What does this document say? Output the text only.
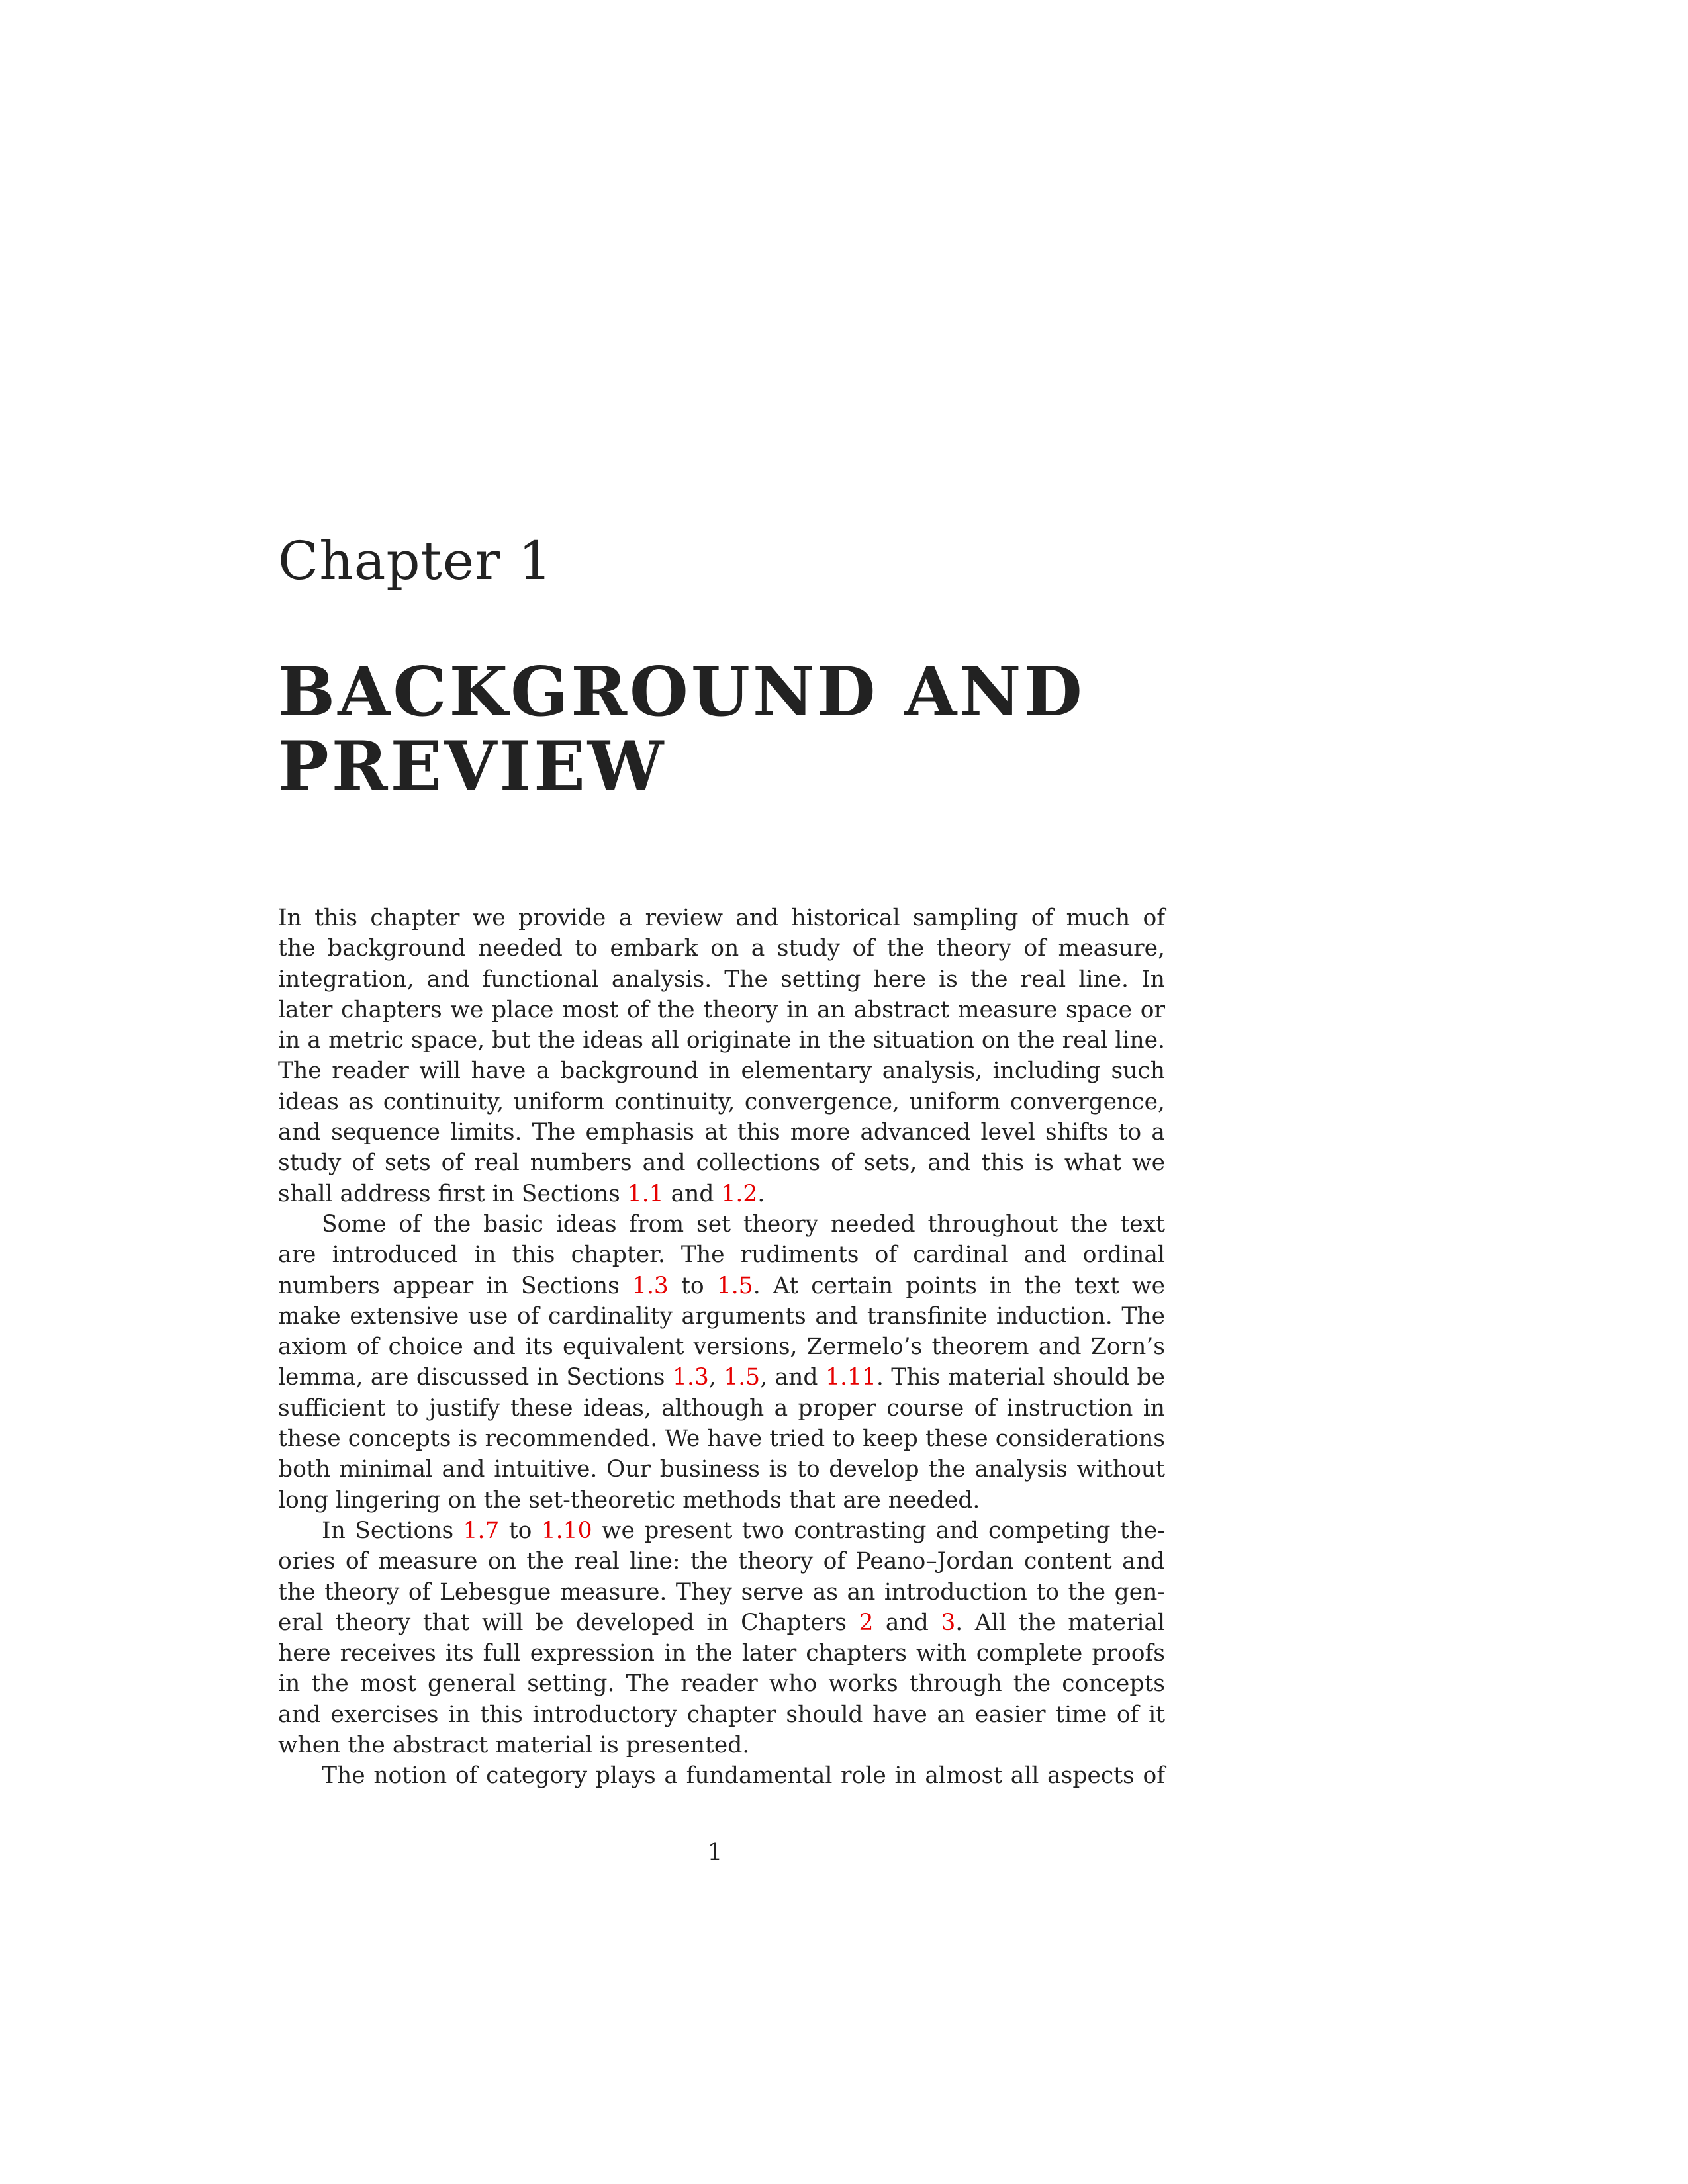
Chapter 1
BACKGROUND AND
PREVIEW
In this chapter we provide a review and historical sampling of much of
the background needed to embark on a study of the theory of measure,
integration, and functional analysis. The setting here is the real line. In
later chapters we place most of the theory in an abstract measure space or
in a metric space, but the ideas all originate in the situation on the real line.
The reader will have a background in elementary analysis, including such
ideas as continuity, uniform continuity, convergence, uniform convergence,
and sequence limits. The emphasis at this more advanced level shifts to a
study of sets of real numbers and collections of sets, and this is what we
shall address first in Sections 1.1 and 1.2.
Some of the basic ideas from set theory needed throughout the text
are introduced in this chapter. The rudiments of cardinal and ordinal
numbers appear in Sections 1.3 to 1.5. At certain points in the text we
make extensive use of cardinality arguments and transfinite induction. The
axiom of choice and its equivalent versions, Zermelo’s theorem and Zorn’s
lemma, are discussed in Sections 1.3, 1.5, and 1.11. This material should be
sufficient to justify these ideas, although a proper course of instruction in
these concepts is recommended. We have tried to keep these considerations
both minimal and intuitive. Our business is to develop the analysis without
long lingering on the set-theoretic methods that are needed.
In Sections 1.7 to 1.10 we present two contrasting and competing the-
ories of measure on the real line: the theory of Peano–Jordan content and
the theory of Lebesgue measure. They serve as an introduction to the gen-
eral theory that will be developed in Chapters 2 and 3. All the material
here receives its full expression in the later chapters with complete proofs
in the most general setting. The reader who works through the concepts
and exercises in this introductory chapter should have an easier time of it
when the abstract material is presented.
The notion of category plays a fundamental role in almost all aspects of
1
